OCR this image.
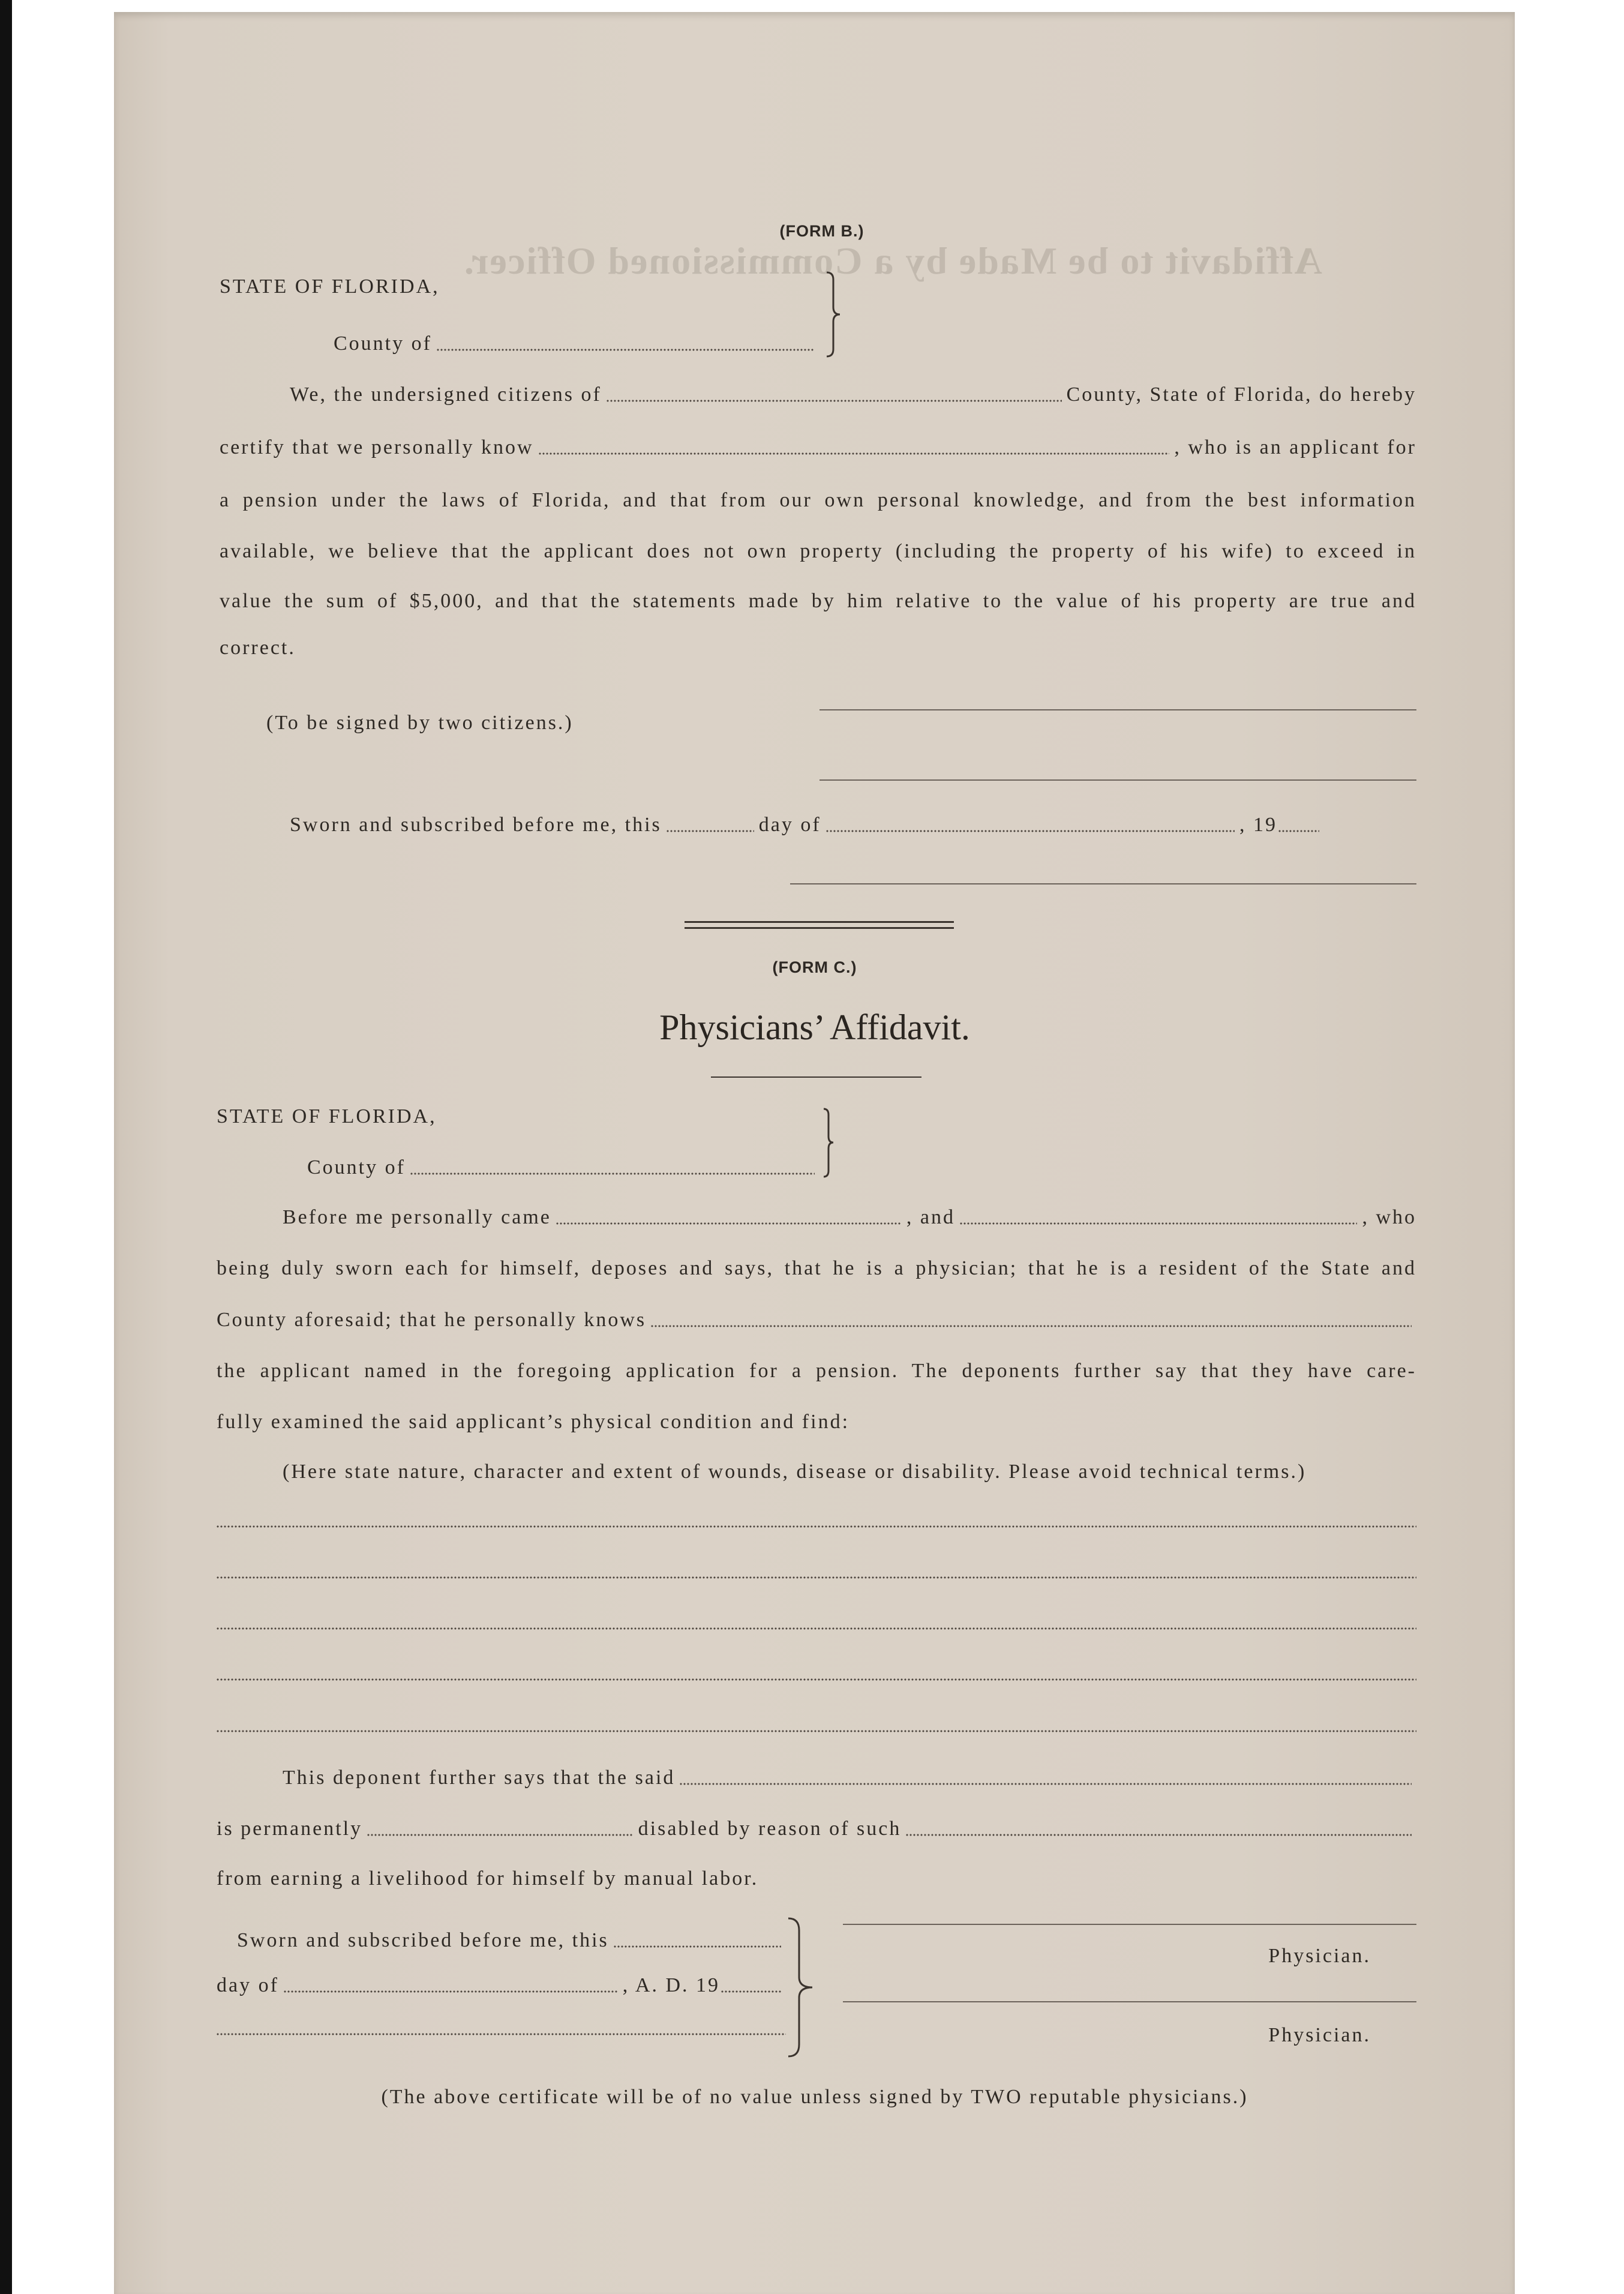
Affidavit to be Made by a Commissioned Officer.
(FORM B.)
STATE OF FLORIDA,
County of
We, the undersigned citizens of	County, State of Florida, do hereby
certify that we personally know	, who is an applicant for
a pension under the laws of Florida, and that from our own personal knowledge, and from the best information
available, we believe that the applicant does not own property (including the property of his wife) to exceed in
value the sum of $5,000, and that the statements made by him relative to the value of his property are true and
correct.
(To be signed by two citizens.)
Sworn and subscribed before me, this	day of	, 19
(FORM C.)
Physicians’ Affidavit.
STATE OF FLORIDA,
County of
Before me personally came	, and	, who
being duly sworn each for himself, deposes and says, that he is a physician; that he is a resident of the State and
County aforesaid; that he personally knows
the applicant named in the foregoing application for a pension. The deponents further say that they have care-
fully examined the said applicant’s physical condition and find:
(Here state nature, character and extent of wounds, disease or disability. Please avoid technical terms.)
This deponent further says that the said
is permanently	disabled by reason of such
from earning a livelihood for himself by manual labor.
Sworn and subscribed before me, this
day of	, A. D. 19
Physician.
Physician.
(The above certificate will be of no value unless signed by TWO reputable physicians.)
